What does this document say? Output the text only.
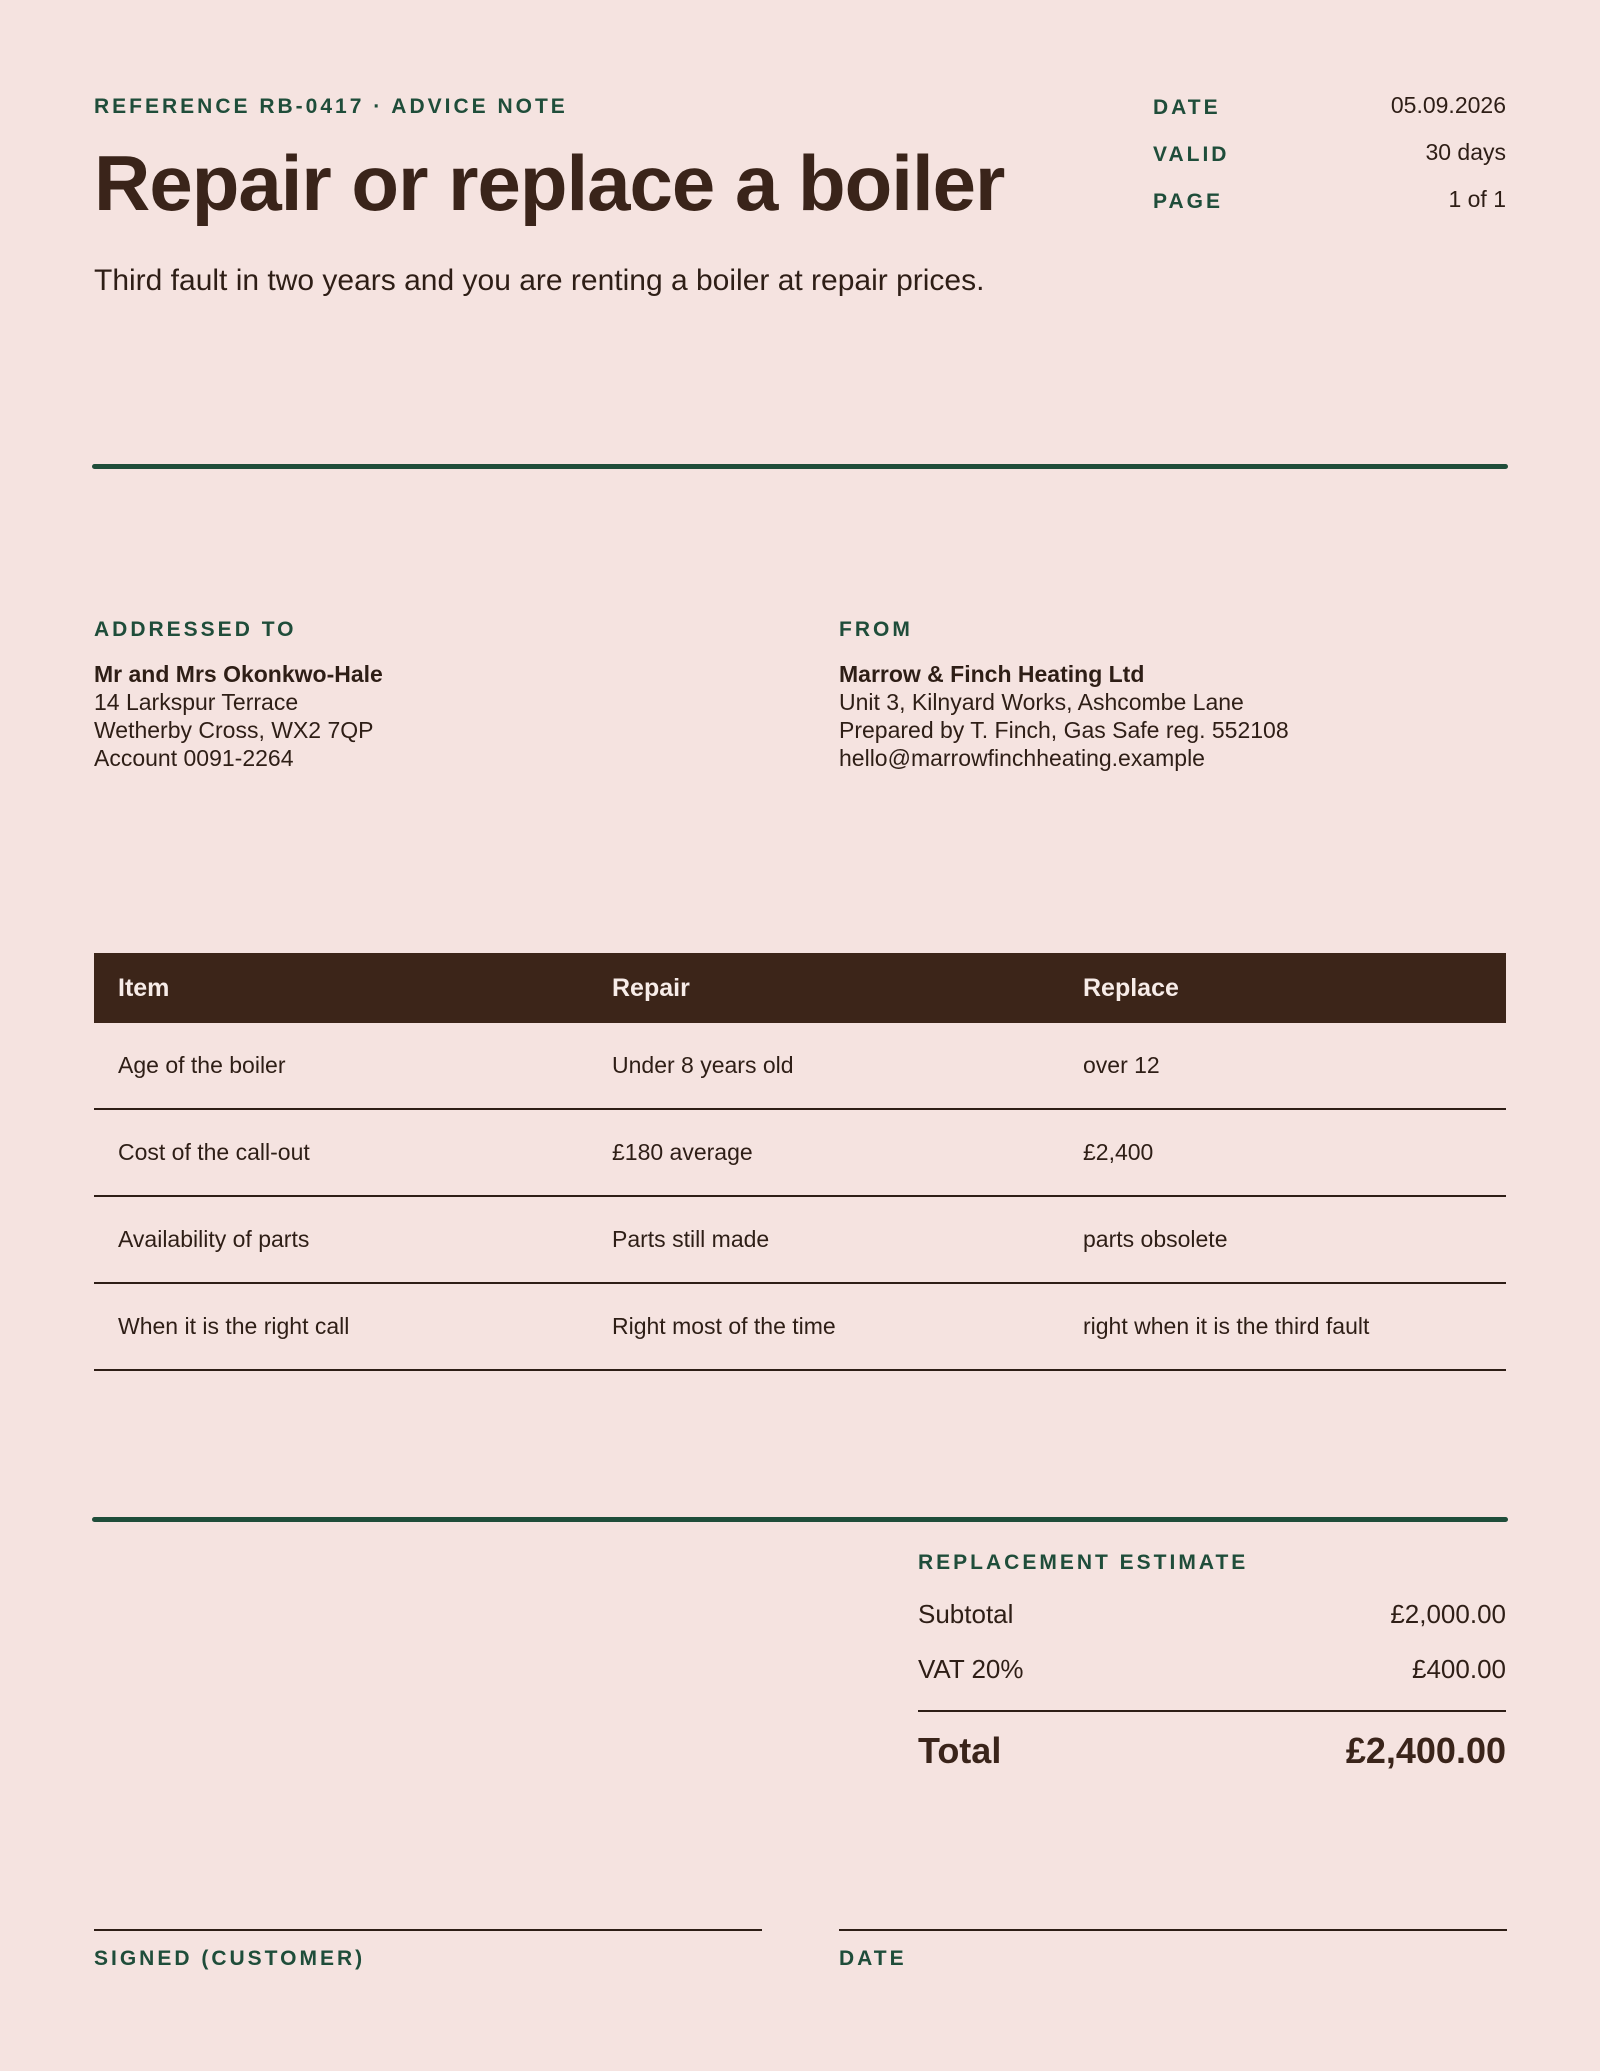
REFERENCE RB-0417 · ADVICE NOTE
Repair or replace a boiler
Third fault in two years and you are renting a boiler at repair prices.
DATE	05.09.2026
VALID	30 days
PAGE	1 of 1
ADDRESSED TO
Mr and Mrs Okonkwo-Hale
14 Larkspur Terrace
Wetherby Cross, WX2 7QP
Account 0091-2264
FROM
Marrow & Finch Heating Ltd
Unit 3, Kilnyard Works, Ashcombe Lane
Prepared by T. Finch, Gas Safe reg. 552108
hello@marrowfinchheating.example
Item	Repair	Replace
Age of the boiler	Under 8 years old	over 12
Cost of the call-out	£180 average	£2,400
Availability of parts	Parts still made	parts obsolete
When it is the right call	Right most of the time	right when it is the third fault
REPLACEMENT ESTIMATE
Subtotal	£2,000.00
VAT 20%	£400.00
Total	£2,400.00
SIGNED (CUSTOMER)	DATE
